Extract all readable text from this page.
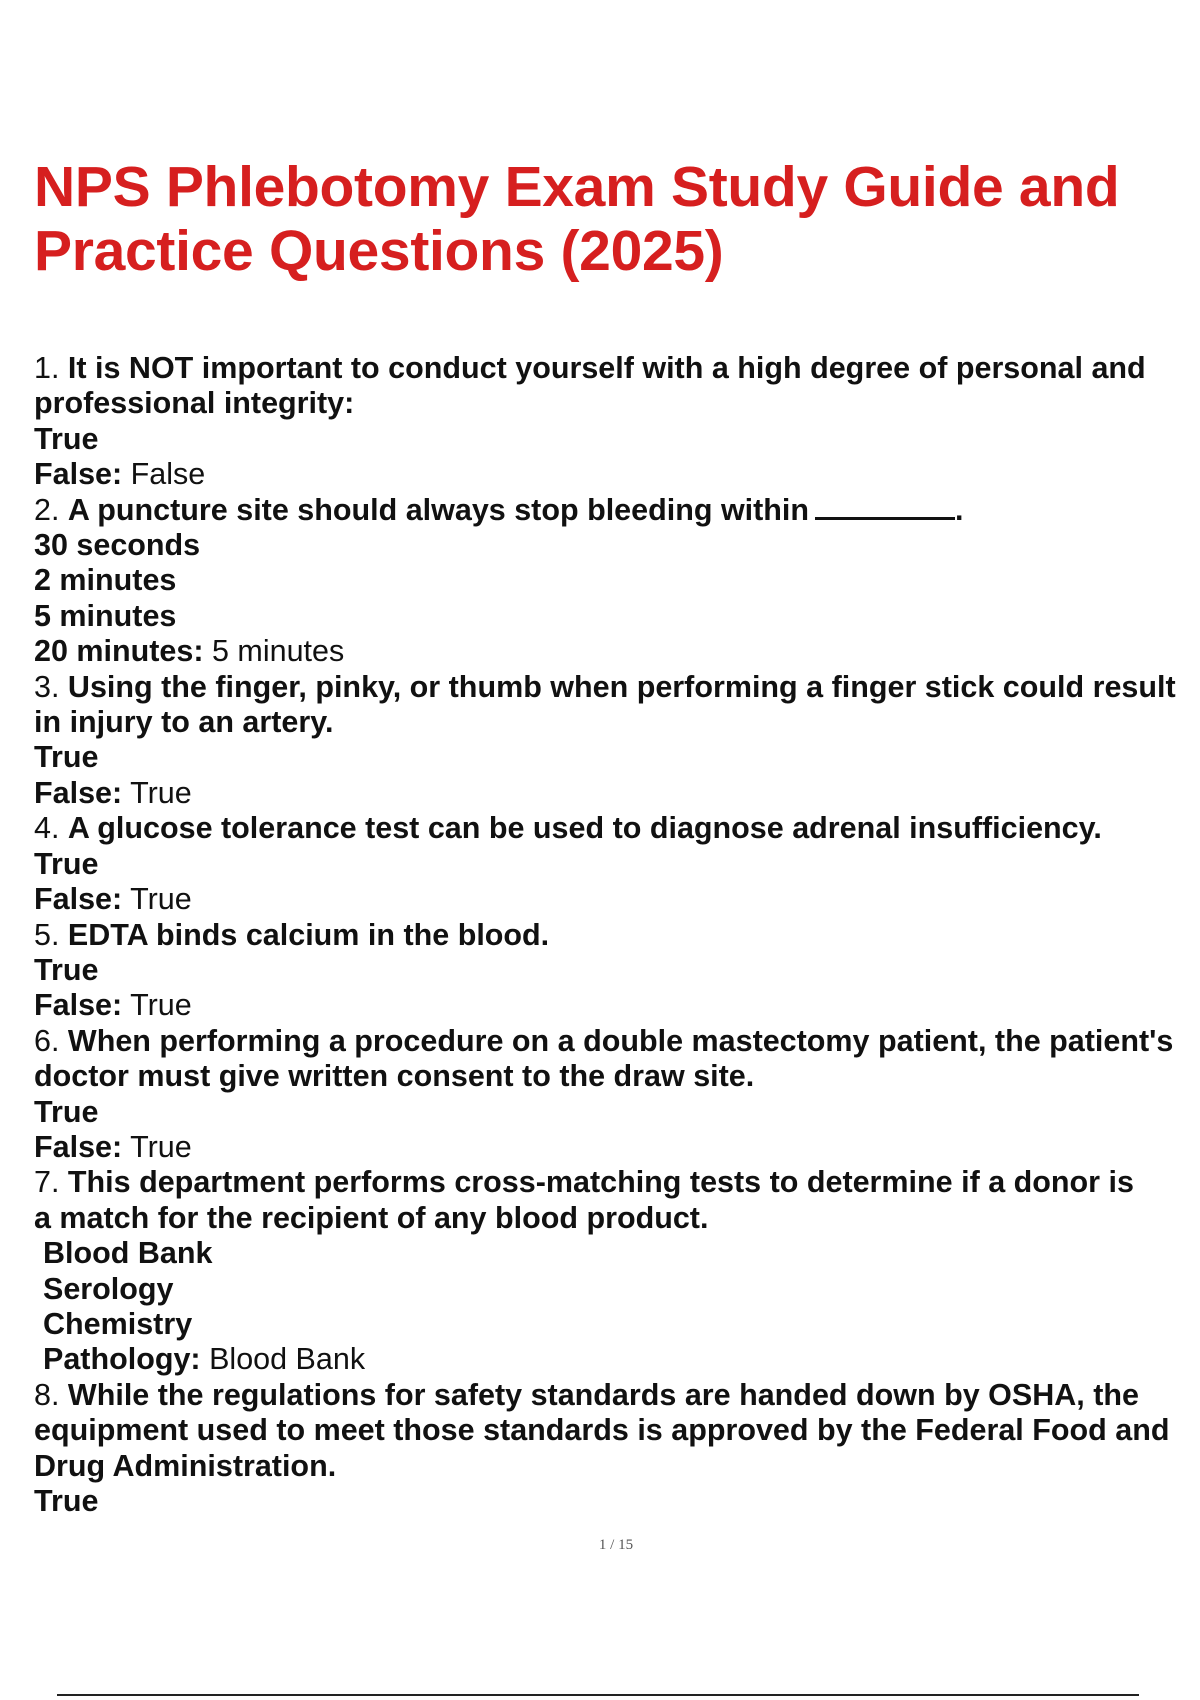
NPS Phlebotomy Exam Study Guide and
Practice Questions (2025)
1. It is NOT important to conduct yourself with a high degree of personal and
professional integrity:
True
False: False
2. A puncture site should always stop bleeding within	.
30 seconds
2 minutes
5 minutes
20 minutes: 5 minutes
3. Using the finger, pinky, or thumb when performing a finger stick could result
in injury to an artery.
True
False: True
4. A glucose tolerance test can be used to diagnose adrenal insufficiency.
True
False: True
5. EDTA binds calcium in the blood.
True
False: True
6. When performing a procedure on a double mastectomy patient, the patient's
doctor must give written consent to the draw site.
True
False: True
7. This department performs cross-matching tests to determine if a donor is
a match for the recipient of any blood product.
Blood Bank
Serology
Chemistry
Pathology: Blood Bank
8. While the regulations for safety standards are handed down by OSHA, the
equipment used to meet those standards is approved by the Federal Food and
Drug Administration.
True
1 / 15
